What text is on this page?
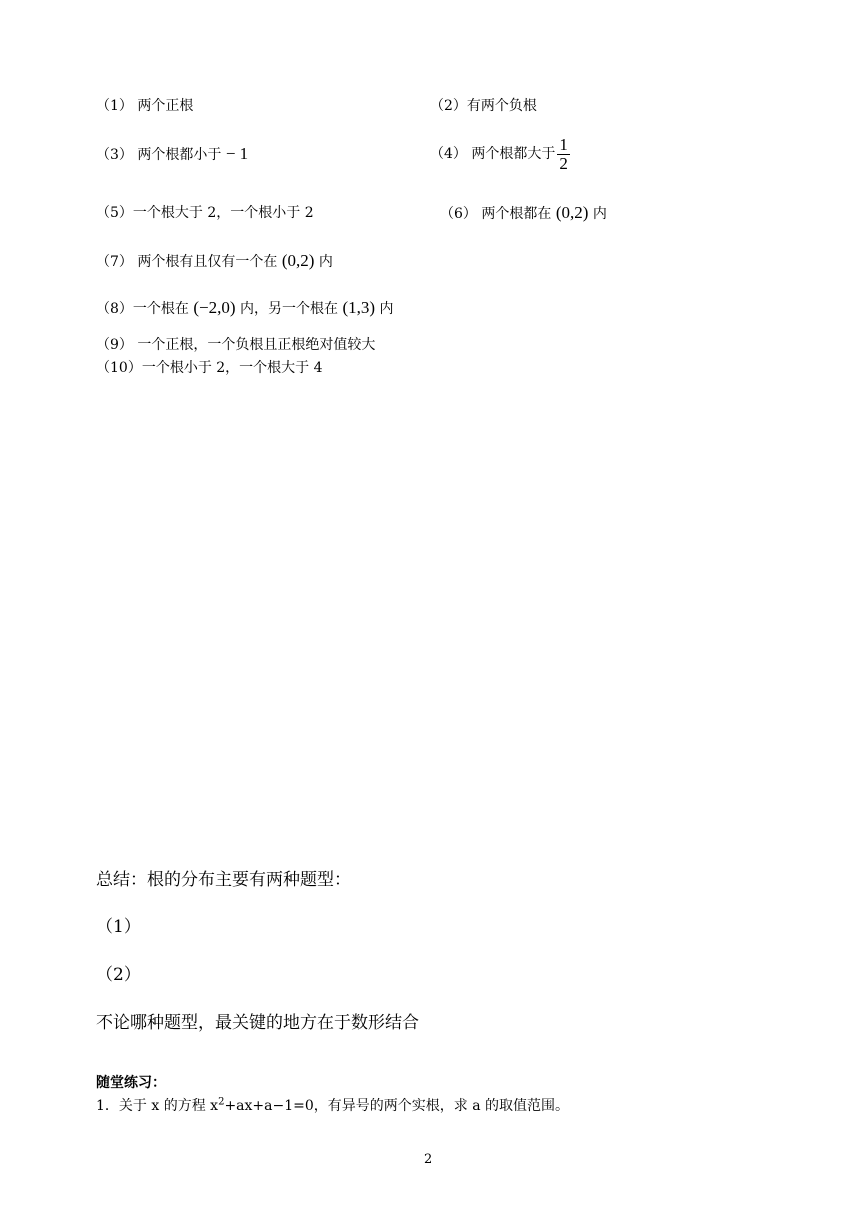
（1） 两个正根	（2）有两个负根
（3） 两个根都小于 − 1	（4） 两个根都大于 $\frac{1}{2}$
（5）一个根大于 2，一个根小于 2	（6） 两个根都在 (0,2) 内
（7） 两个根有且仅有一个在 (0,2) 内
（8）一个根在 (−2,0) 内，另一个根在 (1,3) 内
（9） 一个正根，一个负根且正根绝对值较大
（10）一个根小于 2，一个根大于 4
总结：根的分布主要有两种题型：
（1）
（2）
不论哪种题型，最关键的地方在于数形结合
随堂练习：
1．关于 x 的方程 $x^2+ax+a-1=0$，有异号的两个实根，求 a 的取值范围。
2
